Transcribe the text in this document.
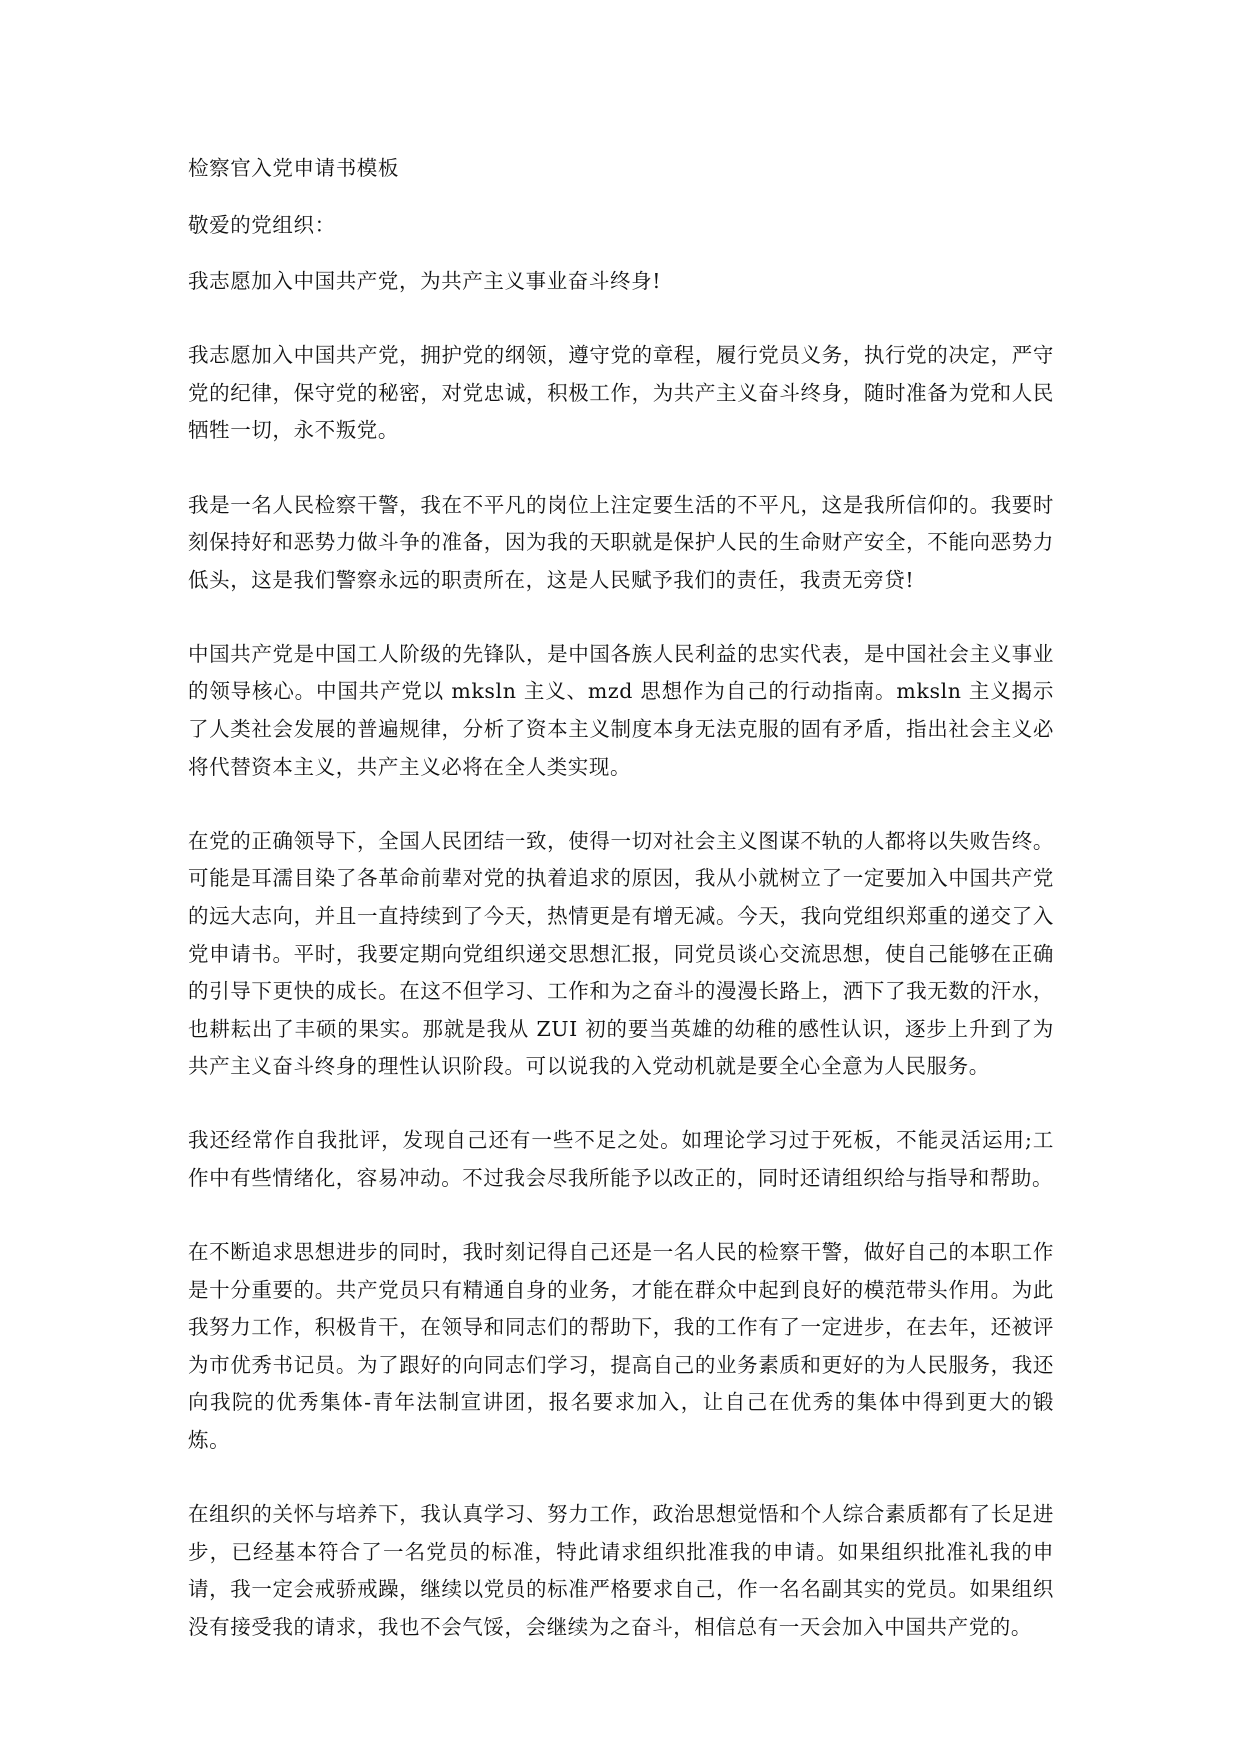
检察官入党申请书模板
敬爱的党组织：
我志愿加入中国共产党，为共产主义事业奋斗终身!
我志愿加入中国共产党，拥护党的纲领，遵守党的章程，履行党员义务，执行党的决定，严守党的纪律，保守党的秘密，对党忠诚，积极工作，为共产主义奋斗终身，随时准备为党和人民牺牲一切，永不叛党。
我是一名人民检察干警，我在不平凡的岗位上注定要生活的不平凡，这是我所信仰的。我要时刻保持好和恶势力做斗争的准备，因为我的天职就是保护人民的生命财产安全，不能向恶势力低头，这是我们警察永远的职责所在，这是人民赋予我们的责任，我责无旁贷!
中国共产党是中国工人阶级的先锋队，是中国各族人民利益的忠实代表，是中国社会主义事业的领导核心。中国共产党以 mksln 主义、mzd 思想作为自己的行动指南。mksln 主义揭示了人类社会发展的普遍规律，分析了资本主义制度本身无法克服的固有矛盾，指出社会主义必将代替资本主义，共产主义必将在全人类实现。
在党的正确领导下，全国人民团结一致，使得一切对社会主义图谋不轨的人都将以失败告终。可能是耳濡目染了各革命前辈对党的执着追求的原因，我从小就树立了一定要加入中国共产党的远大志向，并且一直持续到了今天，热情更是有增无减。今天，我向党组织郑重的递交了入党申请书。平时，我要定期向党组织递交思想汇报，同党员谈心交流思想，使自己能够在正确的引导下更快的成长。在这不但学习、工作和为之奋斗的漫漫长路上，洒下了我无数的汗水，也耕耘出了丰硕的果实。那就是我从 ZUI 初的要当英雄的幼稚的感性认识，逐步上升到了为共产主义奋斗终身的理性认识阶段。可以说我的入党动机就是要全心全意为人民服务。
我还经常作自我批评，发现自己还有一些不足之处。如理论学习过于死板，不能灵活运用;工作中有些情绪化，容易冲动。不过我会尽我所能予以改正的，同时还请组织给与指导和帮助。
在不断追求思想进步的同时，我时刻记得自己还是一名人民的检察干警，做好自己的本职工作是十分重要的。共产党员只有精通自身的业务，才能在群众中起到良好的模范带头作用。为此我努力工作，积极肯干，在领导和同志们的帮助下，我的工作有了一定进步，在去年，还被评为市优秀书记员。为了跟好的向同志们学习，提高自己的业务素质和更好的为人民服务，我还向我院的优秀集体-青年法制宣讲团，报名要求加入，让自己在优秀的集体中得到更大的锻炼。
在组织的关怀与培养下，我认真学习、努力工作，政治思想觉悟和个人综合素质都有了长足进步，已经基本符合了一名党员的标准，特此请求组织批准我的申请。如果组织批准礼我的申请，我一定会戒骄戒躁，继续以党员的标准严格要求自己，作一名名副其实的党员。如果组织没有接受我的请求，我也不会气馁，会继续为之奋斗，相信总有一天会加入中国共产党的。
